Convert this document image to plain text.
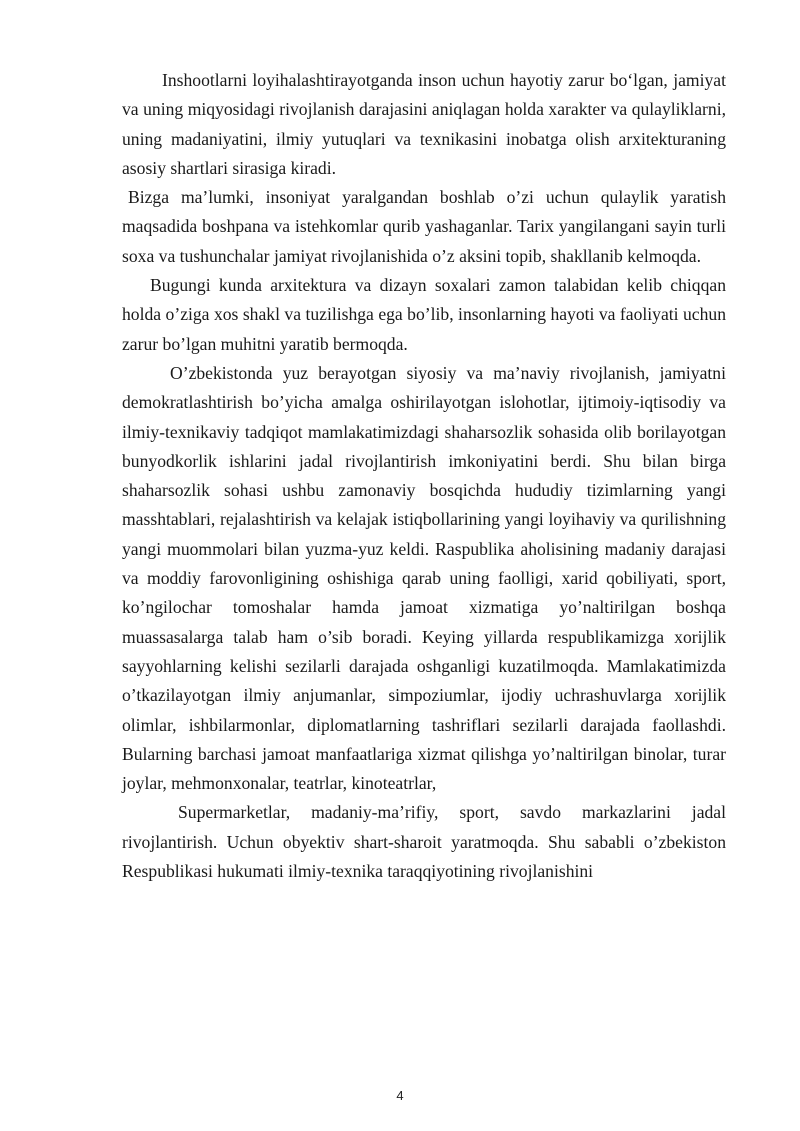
Inshootlarni loyihalashtirayotganda inson uchun hayotiy zarur bo‘lgan, jamiyat va uning miqyosidagi rivojlanish darajasini aniqlagan holda xarakter va qulayliklarni, uning madaniyatini, ilmiy yutuqlari va texnikasini inobatga olish arxitekturaning asosiy shartlari sirasiga kiradi.

Bizga ma’lumki, insoniyat yaralgandan boshlab o’zi uchun qulaylik yaratish maqsadida boshpana va istehkomlar qurib yashaganlar. Tarix yangilangani sayin turli soxa va tushunchalar jamiyat rivojlanishida o’z aksini topib, shakllanib kelmoqda.

Bugungi kunda arxitektura va dizayn soxalari zamon talabidan kelib chiqqan holda o’ziga xos shakl va tuzilishga ega bo’lib, insonlarning hayoti va faoliyati uchun zarur bo’lgan muhitni yaratib bermoqda.

O’zbekistonda yuz berayotgan siyosiy va ma’naviy rivojlanish, jamiyatni demokratlashtirish bo’yicha amalga oshirilayotgan islohotlar, ijtimoiy-iqtisodiy va ilmiy-texnikaviy tadqiqot mamlakatimizdagi shaharsozlik sohasida olib borilayotgan bunyodkorlik ishlarini jadal rivojlantirish imkoniyatini berdi. Shu bilan birga shaharsozlik sohasi ushbu zamonaviy bosqichda hududiy tizimlarning yangi masshtablari, rejalashtirish va kelajak istiqbollarining yangi loyihaviy va qurilishning yangi muommolari bilan yuzma-yuz keldi. Raspublika aholisining madaniy darajasi va moddiy farovonligining oshishiga qarab uning faolligi, xarid qobiliyati, sport, ko’ngilochar tomoshalar hamda jamoat xizmatiga yo’naltirilgan boshqa muassasalarga talab ham o’sib boradi. Keying yillarda respublikamizga xorijlik sayyohlarning kelishi sezilarli darajada oshganligi kuzatilmoqda. Mamlakatimizda o’tkazilayotgan ilmiy anjumanlar, simpoziumlar, ijodiy uchrashuvlarga xorijlik olimlar, ishbilarmonlar, diplomatlarning tashriflari sezilarli darajada faollashdi. Bularning barchasi jamoat manfaatlariga xizmat qilishga yo’naltirilgan binolar, turar joylar, mehmonxonalar, teatrlar, kinoteatrlar,

Supermarketlar, madaniy-ma’rifiy, sport, savdo markazlarini jadal rivojlantirish. Uchun obyektiv shart-sharoit yaratmoqda. Shu sababli o’zbekiston Respublikasi hukumati ilmiy-texnika taraqqiyotining rivojlanishini

4
